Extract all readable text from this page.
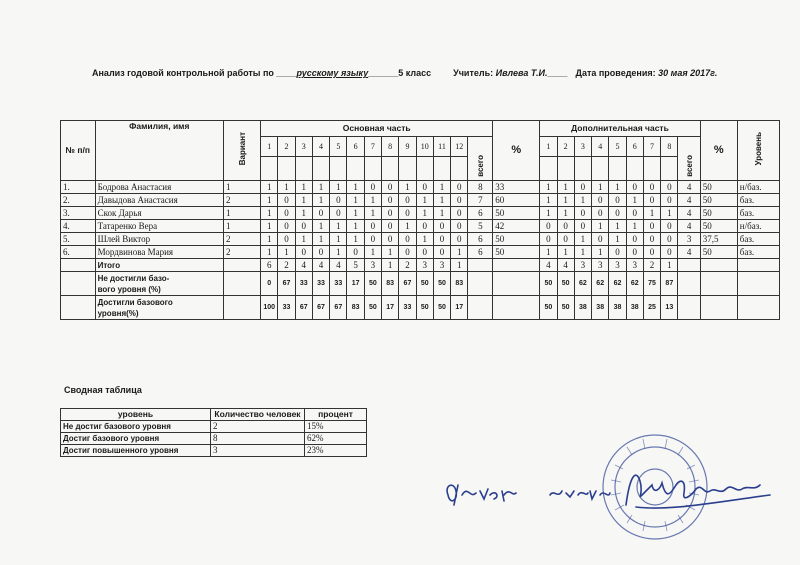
Анализ годовой контрольной работы по ____русскому языку______5 класс Учитель: Ивлева Т.И.____ Дата проведения: 30 мая 2017г.
№ п/п	Фамилия, имя	Вариант	Основная часть													%	Дополнительная часть									%	Уровень
			1	2	3	4	5	6	7	8	9	10	11	12	всего		1	2	3	4	5	6	7	8	всего		

1.	Бодрова Анастасия	1	1	1	1	1	1	1	0	0	1	0	1	0	8	33	1	1	0	1	1	0	0	0	4	50	н/баз.
2.	Давыдова Анастасия	2	1	0	1	1	0	1	1	0	0	1	1	0	7	60	1	1	1	0	0	1	0	0	4	50	баз.
3.	Скок Дарья	1	1	0	1	0	0	1	1	0	0	1	1	0	6	50	1	1	0	0	0	0	1	1	4	50	баз.
4.	Татаренко Вера	1	1	0	0	1	1	1	0	0	1	0	0	0	5	42	0	0	0	1	1	1	0	0	4	50	н/баз.
5.	Шлей Виктор	2	1	0	1	1	1	1	0	0	0	1	0	0	6	50	0	0	1	0	1	0	0	0	3	37,5	баз.
6.	Мордвинова Мария	2	1	1	0	0	1	0	1	1	0	0	0	1	6	50	1	1	1	1	0	0	0	0	4	50	баз.
	Итого		6	2	4	4	4	5	3	1	2	3	3	1			4	4	3	3	3	3	2	1			

	Не достигли базо-
вого уровня (%)		0	67	33	33	33	17	50	83	67	50	50	83			50	50	62	62	62	62	75	87			

	Достигли базового
уровня(%)		100	33	67	67	67	83	50	17	33	50	50	17			50	50	38	38	38	38	25	13			
Сводная таблица
уровень	Количество человек	процент
Не достиг базового уровня	2	15%
Достиг базового уровня	8	62%
Достиг повышенного уровня	3	23%
